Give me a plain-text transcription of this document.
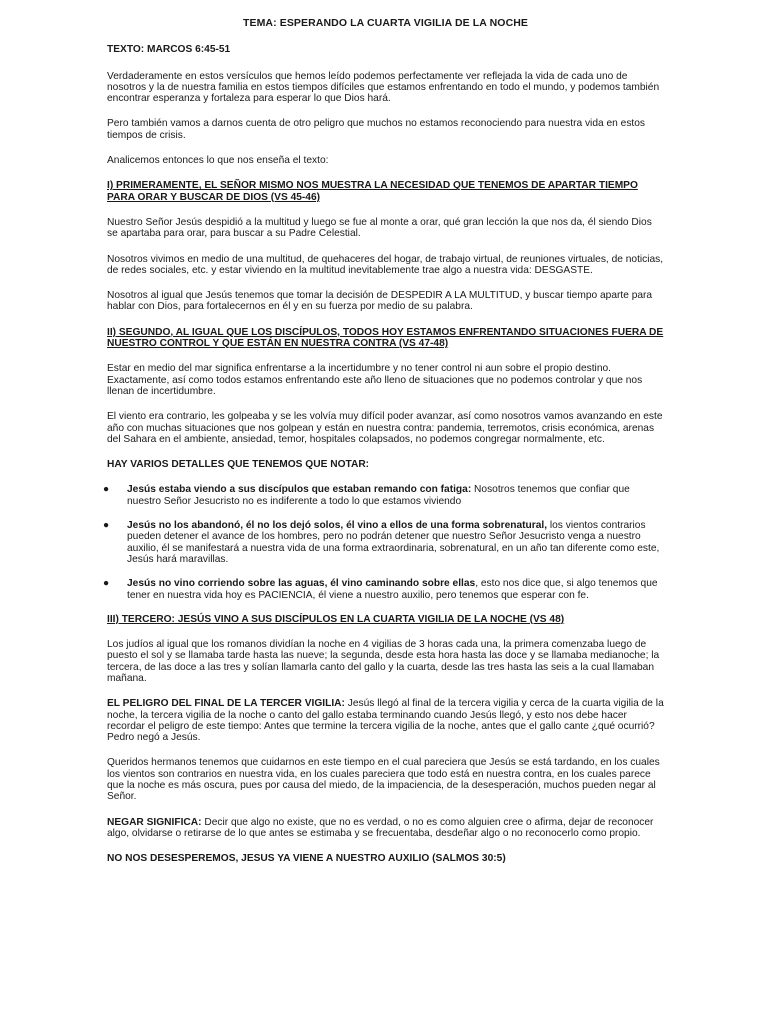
TEMA: ESPERANDO LA CUARTA VIGILIA DE LA NOCHE

TEXTO: MARCOS 6:45-51

Verdaderamente en estos versículos que hemos leído podemos perfectamente ver reflejada la vida de cada uno de nosotros y la de nuestra familia en estos tiempos difíciles que estamos enfrentando en todo el mundo, y podemos también encontrar esperanza y fortaleza para esperar lo que Dios hará.

Pero también vamos a darnos cuenta de otro peligro que muchos no estamos reconociendo para nuestra vida en estos tiempos de crisis.

Analicemos entonces lo que nos enseña el texto:

I) PRIMERAMENTE, EL SEÑOR MISMO NOS MUESTRA LA NECESIDAD QUE TENEMOS DE APARTAR TIEMPO PARA ORAR Y BUSCAR DE DIOS (VS 45-46)

Nuestro Señor Jesús despidió a la multitud y luego se fue al monte a orar, qué gran lección la que nos da, él siendo Dios se apartaba para orar, para buscar a su Padre Celestial.

Nosotros vivimos en medio de una multitud, de quehaceres del hogar, de trabajo virtual, de reuniones virtuales, de noticias, de redes sociales, etc. y estar viviendo en la multitud inevitablemente trae algo a nuestra vida: DESGASTE.

Nosotros al igual que Jesús tenemos que tomar la decisión de DESPEDIR A LA MULTITUD, y buscar tiempo aparte para hablar con Dios, para fortalecernos en él y en su fuerza por medio de su palabra.

II) SEGUNDO, AL IGUAL QUE LOS DISCÍPULOS, TODOS HOY ESTAMOS ENFRENTANDO SITUACIONES FUERA DE NUESTRO CONTROL Y QUE ESTÁN EN NUESTRA CONTRA (VS 47-48)

Estar en medio del mar significa enfrentarse a la incertidumbre y no tener control ni aun sobre el propio destino. Exactamente, así como todos estamos enfrentando este año lleno de situaciones que no podemos controlar y que nos llenan de incertidumbre.

El viento era contrario, les golpeaba y se les volvía muy difícil poder avanzar, así como nosotros vamos avanzando en este año con muchas situaciones que nos golpean y están en nuestra contra: pandemia, terremotos, crisis económica, arenas del Sahara en el ambiente, ansiedad, temor, hospitales colapsados, no podemos congregar normalmente, etc.

HAY VARIOS DETALLES QUE TENEMOS QUE NOTAR:

● Jesús estaba viendo a sus discípulos que estaban remando con fatiga: Nosotros tenemos que confiar que nuestro Señor Jesucristo no es indiferente a todo lo que estamos viviendo
● Jesús no los abandonó, él no los dejó solos, él vino a ellos de una forma sobrenatural, los vientos contrarios pueden detener el avance de los hombres, pero no podrán detener que nuestro Señor Jesucristo venga a nuestro auxilio, él se manifestará a nuestra vida de una forma extraordinaria, sobrenatural, en un año tan diferente como este, Jesús hará maravillas.
● Jesús no vino corriendo sobre las aguas, él vino caminando sobre ellas, esto nos dice que, si algo tenemos que tener en nuestra vida hoy es PACIENCIA, él viene a nuestro auxilio, pero tenemos que esperar con fe.

III) TERCERO: JESÚS VINO A SUS DISCÍPULOS EN LA CUARTA VIGILIA DE LA NOCHE (VS 48)

Los judíos al igual que los romanos dividían la noche en 4 vigilias de 3 horas cada una, la primera comenzaba luego de puesto el sol y se llamaba tarde hasta las nueve; la segunda, desde esta hora hasta las doce y se llamaba medianoche; la tercera, de las doce a las tres y solían llamarla canto del gallo y la cuarta, desde las tres hasta las seis a la cual llamaban mañana.

EL PELIGRO DEL FINAL DE LA TERCER VIGILIA: Jesús llegó al final de la tercera vigilia y cerca de la cuarta vigilia de la noche, la tercera vigilia de la noche o canto del gallo estaba terminando cuando Jesús llegó, y esto nos debe hacer recordar el peligro de este tiempo: Antes que termine la tercera vigilia de la noche, antes que el gallo cante ¿qué ocurrió? Pedro negó a Jesús.

Queridos hermanos tenemos que cuidarnos en este tiempo en el cual pareciera que Jesús se está tardando, en los cuales los vientos son contrarios en nuestra vida, en los cuales pareciera que todo está en nuestra contra, en los cuales parece que la noche es más oscura, pues por causa del miedo, de la impaciencia, de la desesperación, muchos pueden negar al Señor.

NEGAR SIGNIFICA: Decir que algo no existe, que no es verdad, o no es como alguien cree o afirma, dejar de reconocer algo, olvidarse o retirarse de lo que antes se estimaba y se frecuentaba, desdeñar algo o no reconocerlo como propio.

NO NOS DESESPEREMOS, JESUS YA VIENE A NUESTRO AUXILIO (SALMOS 30:5)
